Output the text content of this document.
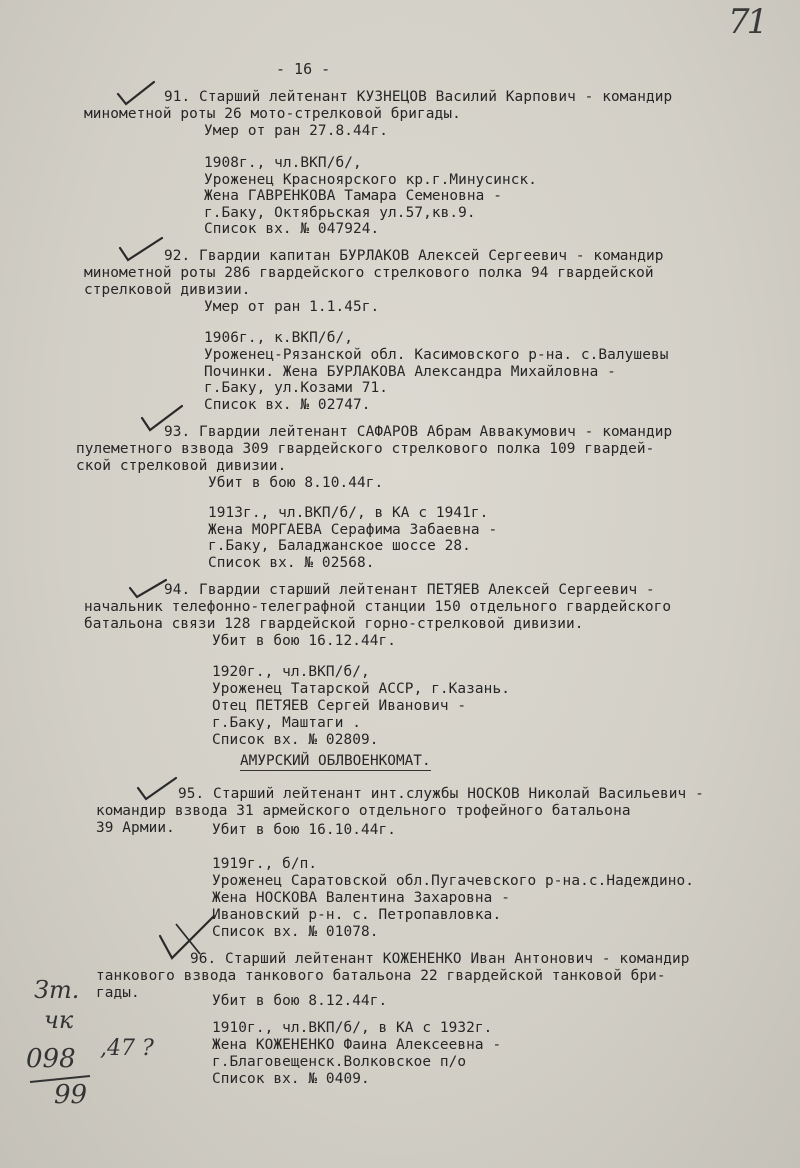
71
- 16 -
91. Старший лейтенант КУЗНЕЦОВ Василий Карпович - командир
минометной роты 26 мото-стрелковой бригады.
Умер от ран 27.8.44г.
1908г., чл.ВКП/б/,
Уроженец Красноярского кр.г.Минусинск.
Жена ГАВРЕНКОВА Тамара Семеновна -
г.Баку, Октябрьская ул.57,кв.9.
Список вх. № 047924.
92. Гвардии капитан БУРЛАКОВ Алексей Сергеевич - командир
минометной роты 286 гвардейского стрелкового полка 94 гвардейской
стрелковой дивизии.
Умер от ран 1.1.45г.
1906г., к.ВКП/б/,
Уроженец-Рязанской обл. Касимовского р-на. с.Валушевы
Починки. Жена БУРЛАКОВА Александра Михайловна -
г.Баку, ул.Козами 71.
Список вх. № 02747.
93. Гвардии лейтенант САФАРОВ Абрам Аввакумович - командир
пулеметного взвода 309 гвардейского стрелкового полка 109 гвардей-
ской стрелковой дивизии.
Убит в бою 8.10.44г.
1913г., чл.ВКП/б/, в КА с 1941г.
Жена МОРГАЕВА Серафима Забаевна -
г.Баку, Баладжанское шоссе 28.
Список вх. № 02568.
94. Гвардии старший лейтенант ПЕТЯЕВ Алексей Сергеевич -
начальник телефонно-телеграфной станции 150 отдельного гвардейского
батальона связи 128 гвардейской горно-стрелковой дивизии.
Убит в бою 16.12.44г.
1920г., чл.ВКП/б/,
Уроженец Татарской АССР, г.Казань.
Отец ПЕТЯЕВ Сергей Иванович -
г.Баку, Маштаги .
Список вх. № 02809.
АМУРСКИЙ ОБЛВОЕНКОМАТ.
95. Старший лейтенант инт.службы НОСКОВ Николай Васильевич -
командир взвода 31 армейского отдельного трофейного батальона
39 Армии.	Убит в бою 16.10.44г.
1919г., б/п.
Уроженец Саратовской обл.Пугачевского р-на.с.Надеждино.
Жена НОСКОВА Валентина Захаровна -
Ивановский р-н. с. Петропавловка.
Список вх. № 01078.
96. Старший лейтенант КОЖЕНЕНКО Иван Антонович - командир
танкового взвода танкового батальона 22 гвардейской танковой бри-
гады.	Убит в бою 8.12.44г.
1910г., чл.ВКП/б/, в КА с 1932г.
Жена КОЖЕНЕНКО Фаина Алексеевна -
г.Благовещенск.Волковское п/о
Список вх. № 0409.
Зт.
чк
098 ,47 ?
99
